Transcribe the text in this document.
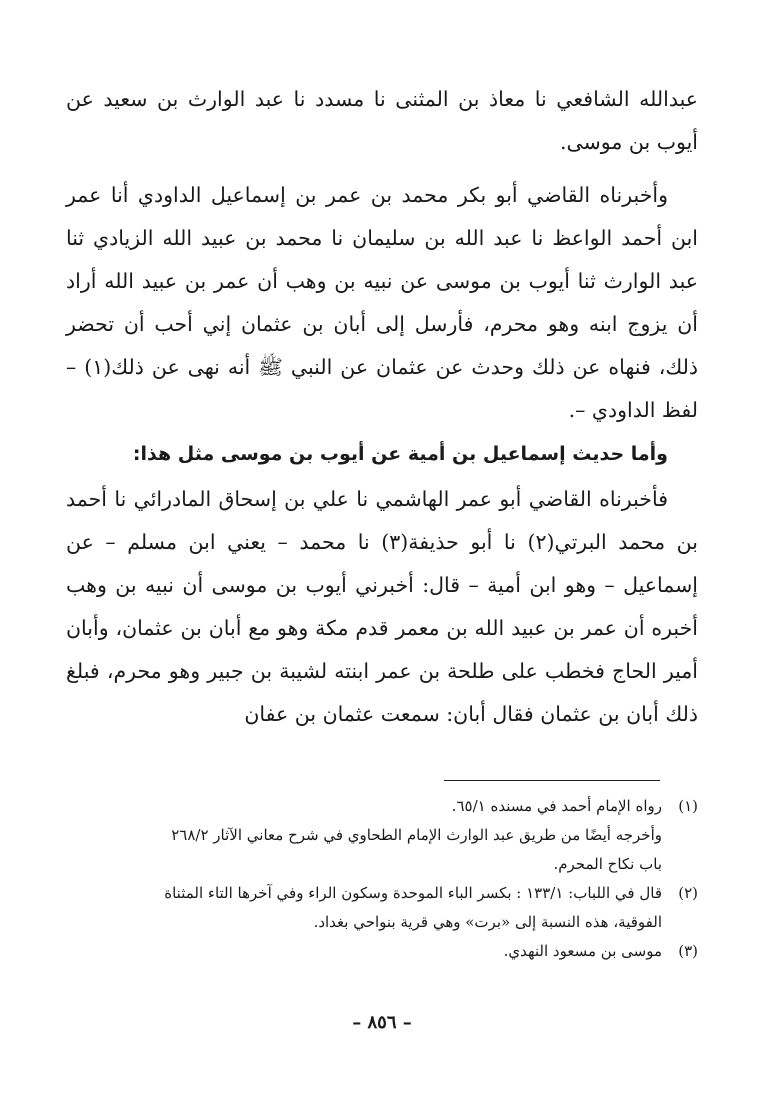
عبدالله الشافعي نا معاذ بن المثنى نا مسدد نا عبد الوارث بن سعيد عن أيوب بن موسى.

وأخبرناه القاضي أبو بكر محمد بن عمر بن إسماعيل الداودي أنا عمر ابن أحمد الواعظ نا عبد الله بن سليمان نا محمد بن عبيد الله الزيادي ثنا عبد الوارث ثنا أيوب بن موسى عن نبيه بن وهب أن عمر بن عبيد الله أراد أن يزوج ابنه وهو محرم، فأرسل إلى أبان بن عثمان إني أحب أن تحضر ذلك، فنهاه عن ذلك وحدث عن عثمان عن النبي ﷺ أنه نهى عن ذلك(١) – لفظ الداودي –.

وأما حديث إسماعيل بن أمية عن أيوب بن موسى مثل هذا:

فأخبرناه القاضي أبو عمر الهاشمي نا علي بن إسحاق المادرائي نا أحمد بن محمد البرتي(٢) نا أبو حذيفة(٣) نا محمد – يعني ابن مسلم – عن إسماعيل – وهو ابن أمية – قال: أخبرني أيوب بن موسى أن نبيه بن وهب أخبره أن عمر بن عبيد الله بن معمر قدم مكة وهو مع أبان بن عثمان، وأبان أمير الحاج فخطب على طلحة بن عمر ابنته لشيبة بن جبير وهو محرم، فبلغ ذلك أبان بن عثمان فقال أبان: سمعت عثمان بن عفان

(١)
رواه الإمام أحمد في مسنده ٦٥/١.
وأخرجه أيضًا من طريق عبد الوارث الإمام الطحاوي في شرح معاني الآثار ٢٦٨/٢
باب نكاح المحرم.
(٢)
قال في اللباب: ١٣٣/١ : بكسر الباء الموحدة وسكون الراء وفي آخرها التاء المثناة
الفوقية، هذه النسبة إلى «برت» وهي قرية بنواحي بغداد.
(٣)
موسى بن مسعود النهدي.
– ٨٥٦ –
